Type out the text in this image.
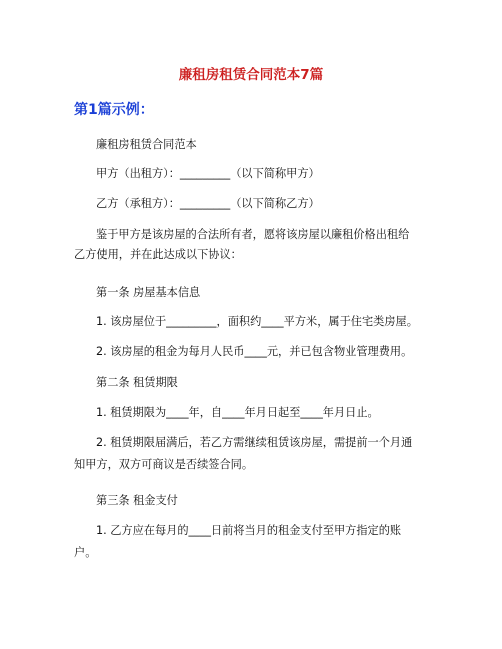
廉租房租赁合同范本7篇
第1篇示例：
廉租房租赁合同范本
甲方（出租方）：_________（以下简称甲方）
乙方（承租方）：_________（以下简称乙方）
鉴于甲方是该房屋的合法所有者，愿将该房屋以廉租价格出租给
乙方使用，并在此达成以下协议：
第一条 房屋基本信息
1. 该房屋位于_________，面积约____平方米，属于住宅类房屋。
2. 该房屋的租金为每月人民币____元，并已包含物业管理费用。
第二条 租赁期限
1. 租赁期限为____年，自____年月日起至____年月日止。
2. 租赁期限届满后，若乙方需继续租赁该房屋，需提前一个月通
知甲方，双方可商议是否续签合同。
第三条 租金支付
1. 乙方应在每月的____日前将当月的租金支付至甲方指定的账
户。
